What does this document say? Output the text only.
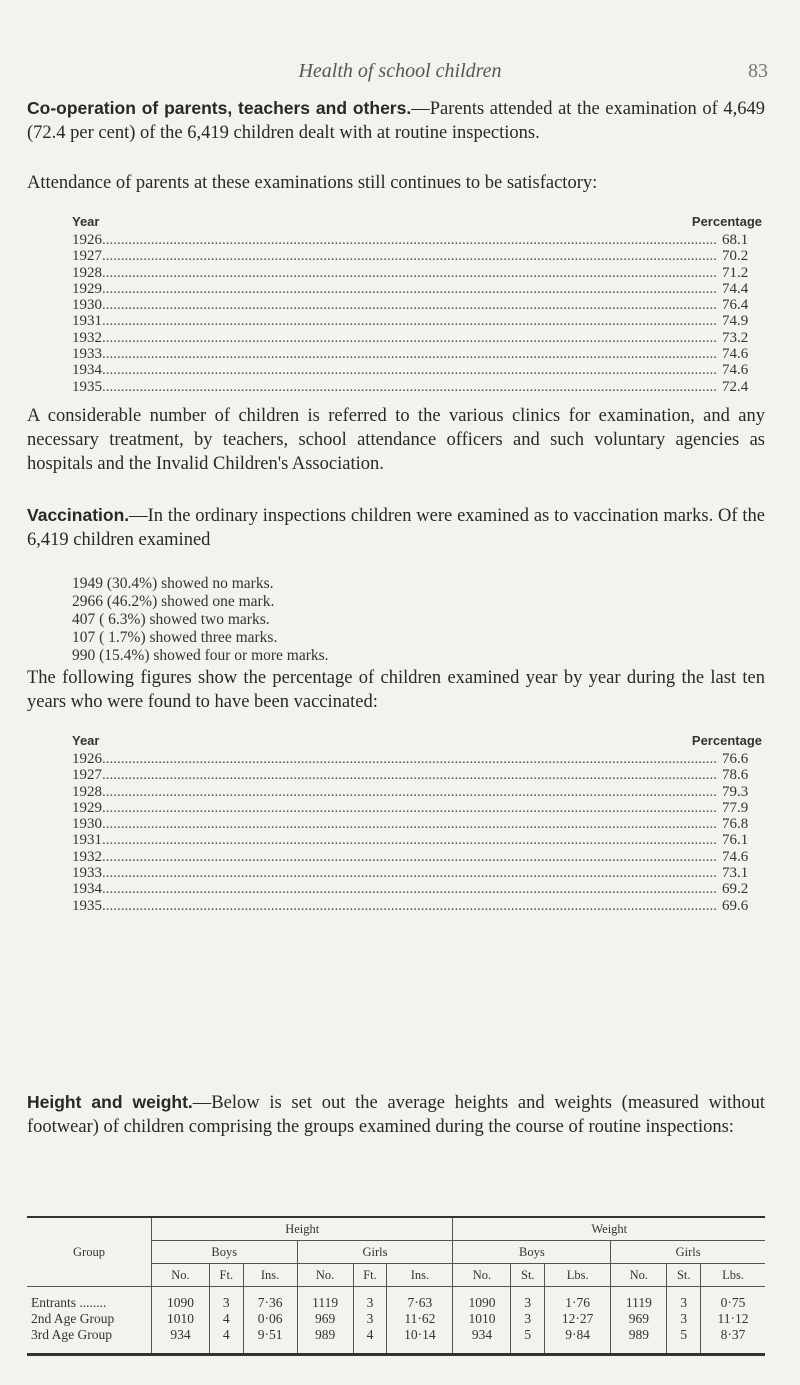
Health of school children	83
Co-operation of parents, teachers and others.—Parents attended at the examination of 4,649 (72.4 per cent) of the 6,419 children dealt with at routine inspections.
Attendance of parents at these examinations still continues to be satisfactory:
Year	Percentage
1926 .....	68.1
1927 .....	70.2
1928 .....	71.2
1929 .....	74.4
1930 .....	76.4
1931 .....	74.9
1932 .....	73.2
1933 .....	74.6
1934 .....	74.6
1935 .....	72.4
A considerable number of children is referred to the various clinics for examination, and any necessary treatment, by teachers, school attendance officers and such voluntary agencies as hospitals and the Invalid Children's Association.
Vaccination.—In the ordinary inspections children were examined as to vaccination marks. Of the 6,419 children examined
1949 (30.4%) showed no marks.
2966 (46.2%) showed one mark.
407 ( 6.3%) showed two marks.
107 ( 1.7%) showed three marks.
990 (15.4%) showed four or more marks.
The following figures show the percentage of children examined year by year during the last ten years who were found to have been vaccinated:
Year	Percentage
1926 .....	76.6
1927 .....	78.6
1928 .....	79.3
1929 .....	77.9
1930 .....	76.8
1931 .....	76.1
1932 .....	74.6
1933 .....	73.1
1934 .....	69.2
1935 .....	69.6
Height and weight.—Below is set out the average heights and weights (measured without footwear) of children comprising the groups examined during the course of routine inspections:
Group	Height						Weight					
	Boys			Girls			Boys			Girls		
	No.	Ft.	Ins.	No.	Ft.	Ins.	No.	St.	Lbs.	No.	St.	Lbs.
Entrants ........	1090	3	7·36	1119	3	7·63	1090	3	1·76	1119	3	0·75
2nd Age Group	1010	4	0·06	969	3	11·62	1010	3	12·27	969	3	11·12
3rd Age Group	934	4	9·51	989	4	10·14	934	5	9·84	989	5	8·37
